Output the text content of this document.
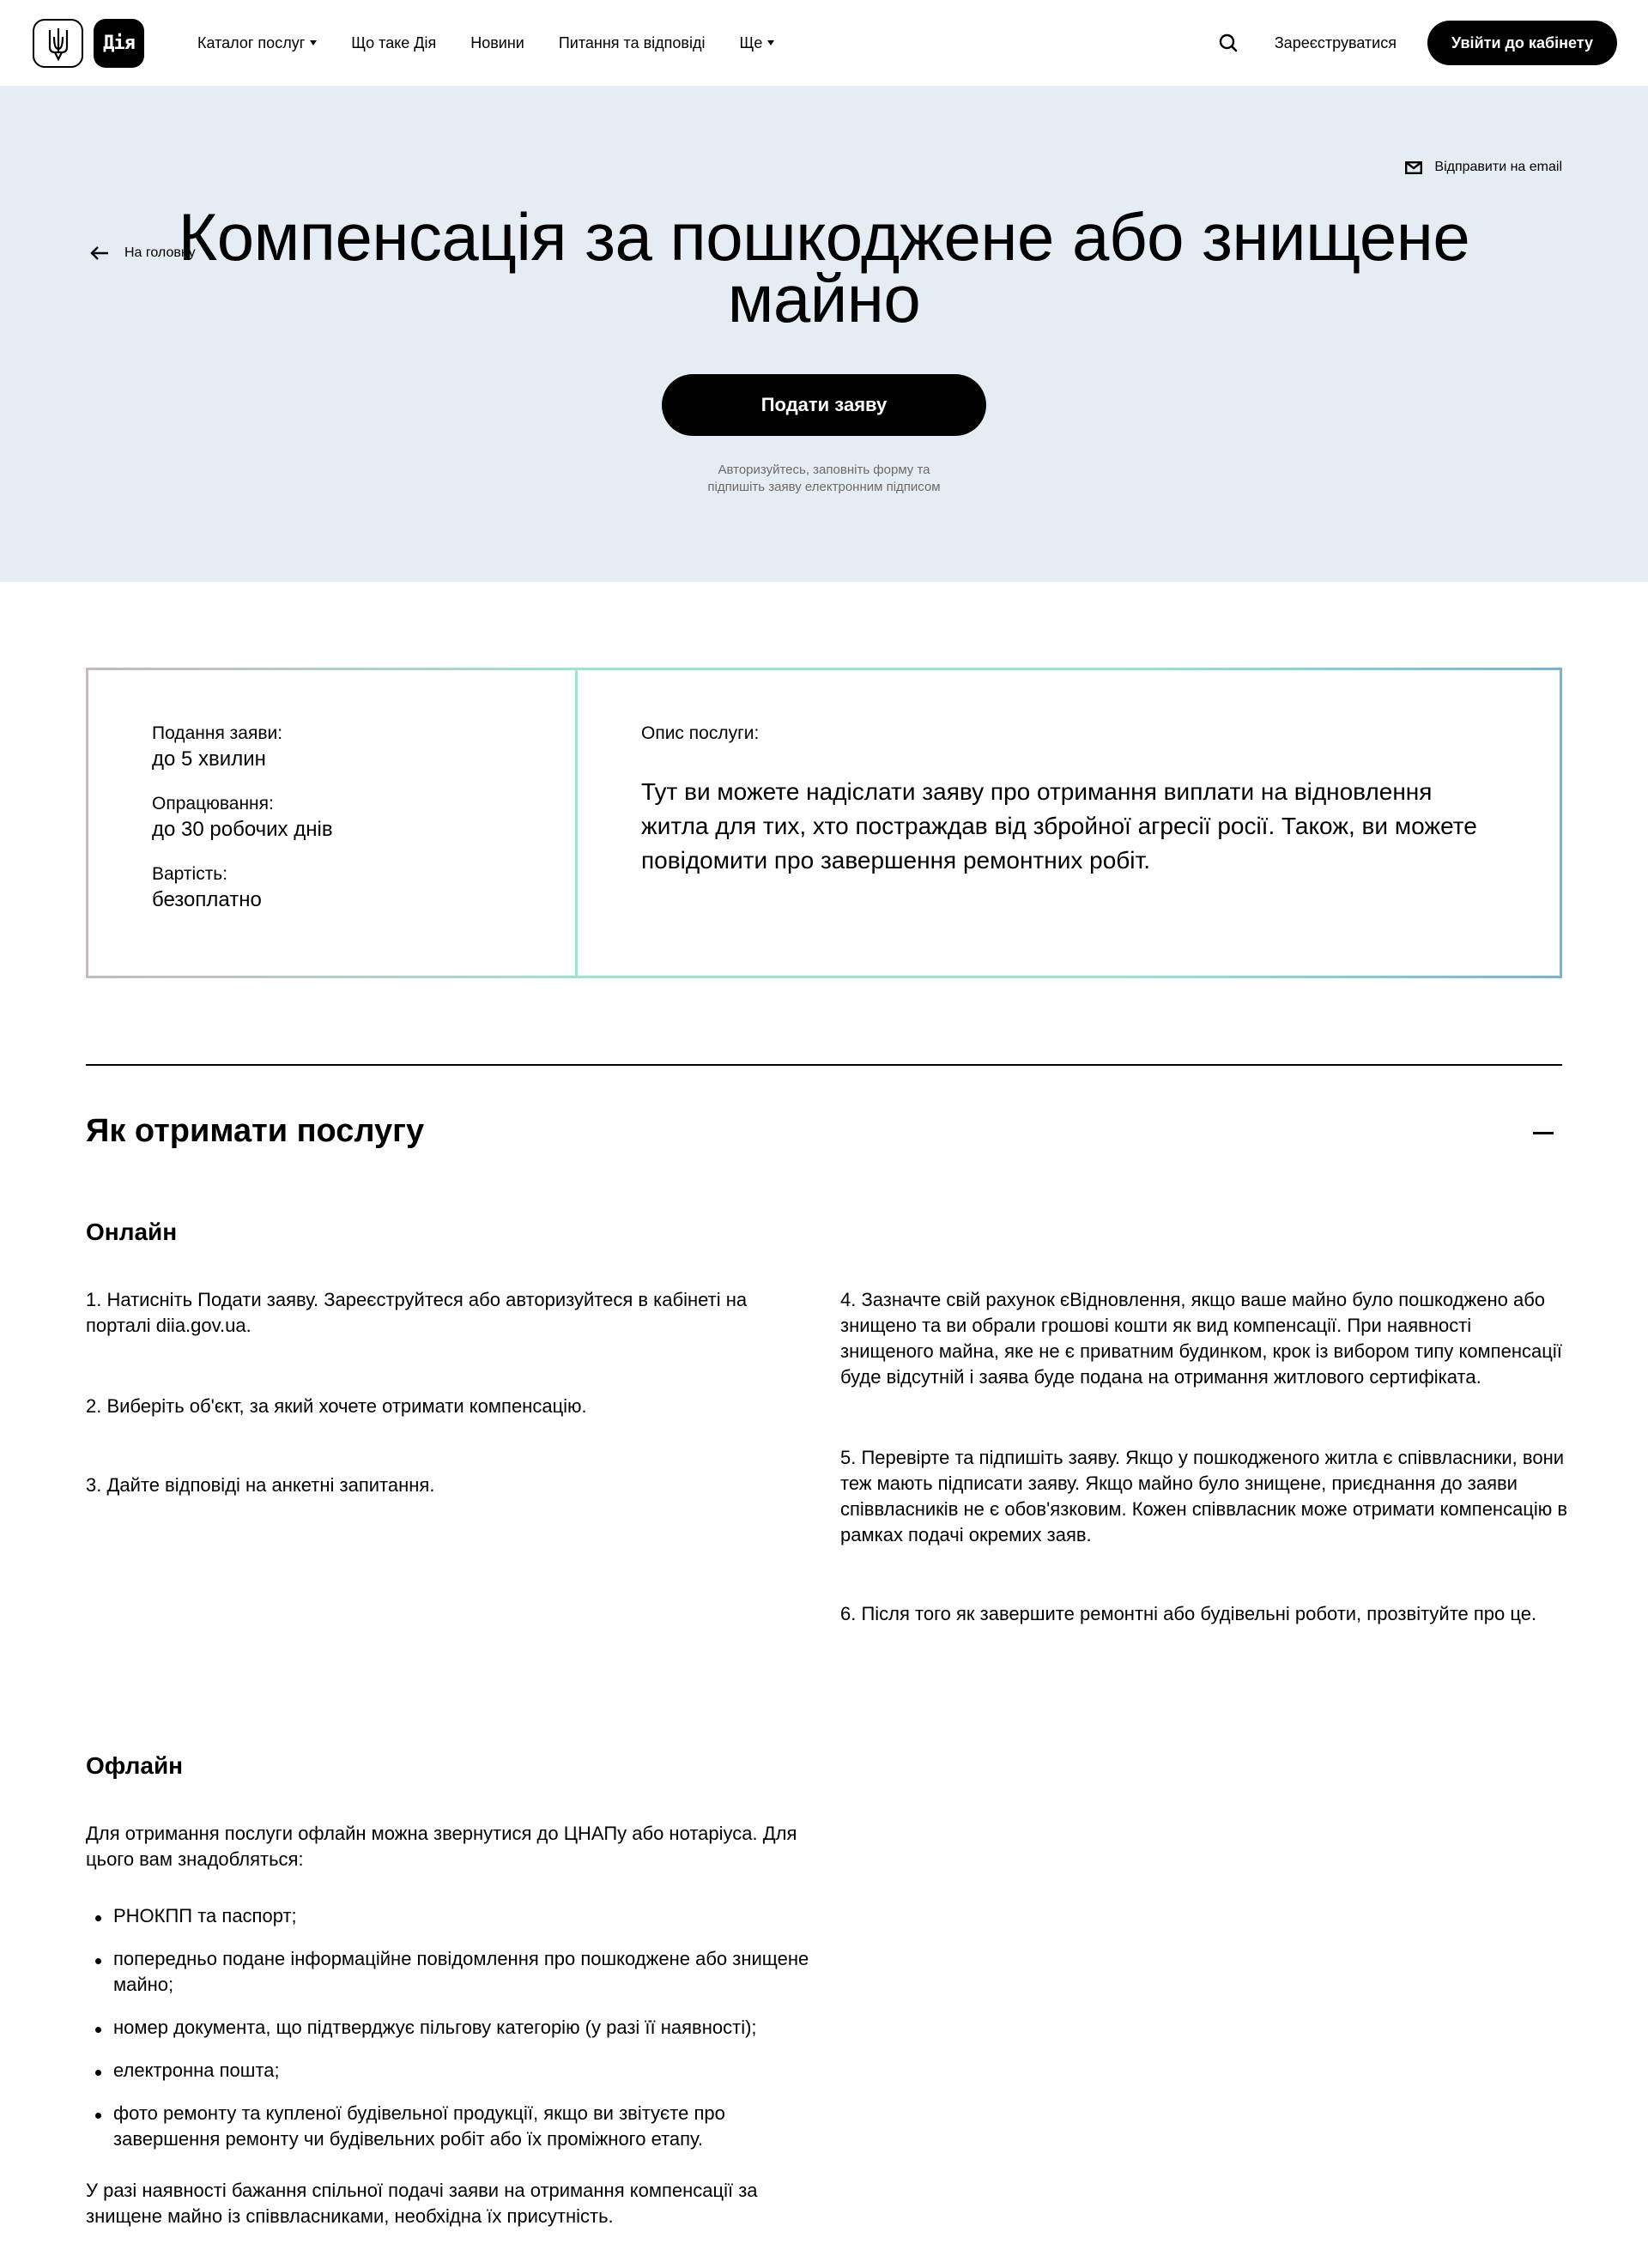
Дія	Каталог послуг	Що таке Дія Новини Питання та відповіді Ще	Зареєструватися	Увійти до кабінету
На головну
Відправити на email
Компенсація за пошкоджене або знищене майно
Подати заяву
Авторизуйтесь, заповніть форму та
підпишіть заяву електронним підписом
Подання заяви:
до 5 хвилин
Опрацювання:
до 30 робочих днів
Вартість:
безоплатно
Опис послуги:
Тут ви можете надіслати заяву про отримання виплати на відновлення житла для тих, хто постраждав від збройної агресії росії. Також, ви можете повідомити про завершення ремонтних робіт.
Як отримати послугу
Онлайн

1. Натисніть Подати заяву. Зареєструйтеся або авторизуйтеся в кабінеті на порталі diia.gov.ua.

2. Виберіть об'єкт, за який хочете отримати компенсацію.

3. Дайте відповіді на анкетні запитання.

4. Зазначте свій рахунок єВідновлення, якщо ваше майно було пошкоджено або знищено та ви обрали грошові кошти як вид компенсації. При наявності знищеного майна, яке не є приватним будинком, крок із вибором типу компенсації буде відсутній і заява буде подана на отримання житлового сертифіката.

5. Перевірте та підпишіть заяву. Якщо у пошкодженого житла є співвласники, вони теж мають підписати заяву. Якщо майно було знищене, приєднання до заяви співвласників не є обов'язковим. Кожен співвласник може отримати компенсацію в рамках подачі окремих заяв.

6. Після того як завершите ремонтні або будівельні роботи, прозвітуйте про це.

Офлайн

Для отримання послуги офлайн можна звернутися до ЦНАПу або нотаріуса. Для цього вам знадобляться:

РНОКПП та паспорт;
попередньо подане інформаційне повідомлення про пошкоджене або знищене майно;
номер документа, що підтверджує пільгову категорію (у разі її наявності);
електронна пошта;
фото ремонту та купленої будівельної продукції, якщо ви звітуєте про завершення ремонту чи будівельних робіт або їх проміжного етапу.

У разі наявності бажання спільної подачі заяви на отримання компенсації за знищене майно із співвласниками, необхідна їх присутність.
